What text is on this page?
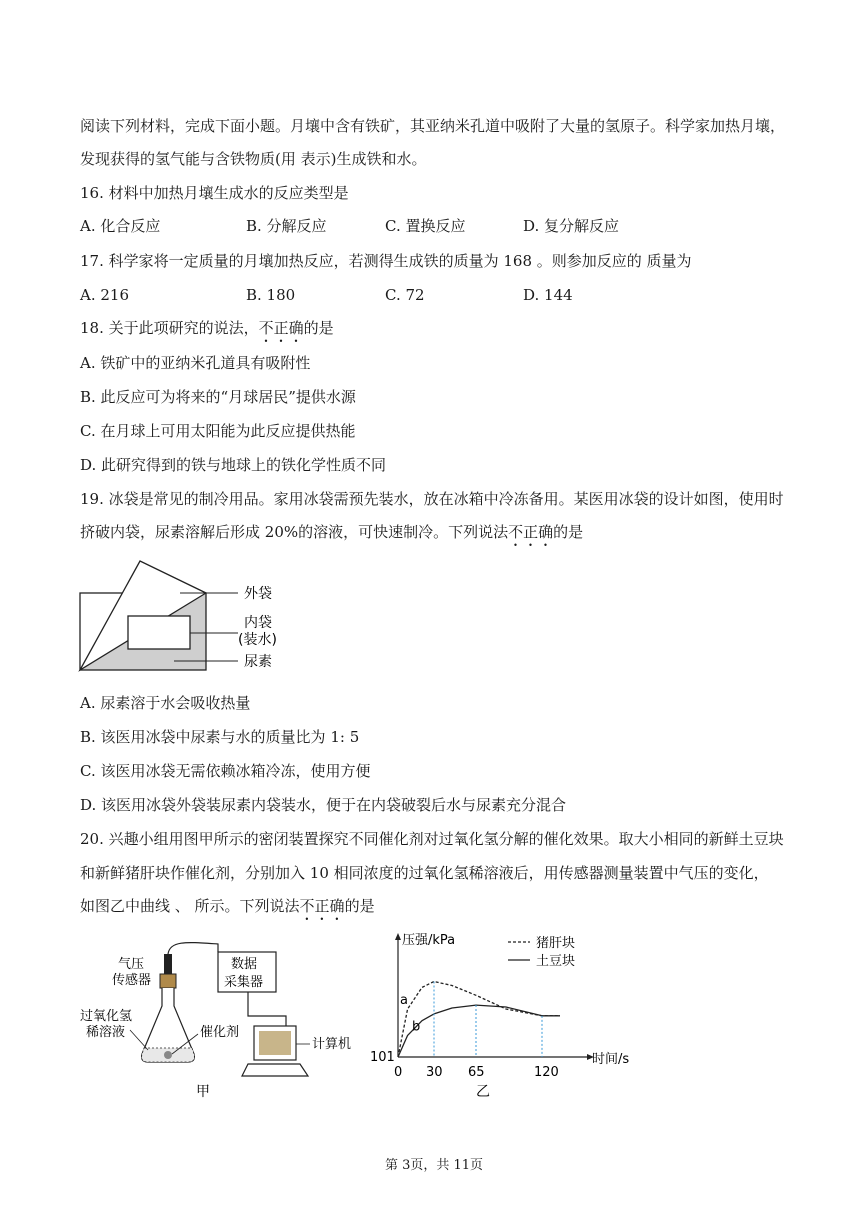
阅读下列材料，完成下面小题。月壤中含有铁矿，其亚纳米孔道中吸附了大量的氢原子。科学家加热月壤，
发现获得的氢气能与含铁物质(用 表示)生成铁和水。
16. 材料中加热月壤生成水的反应类型是
A. 化合反应	B. 分解反应	C. 置换反应	D. 复分解反应
17. 科学家将一定质量的月壤加热反应，若测得生成铁的质量为 168 。则参加反应的 质量为
A. 216	B. 180	C. 72	D. 144
18. 关于此项研究的说法，不正确的是
A. 铁矿中的亚纳米孔道具有吸附性
B. 此反应可为将来的“月球居民”提供水源
C. 在月球上可用太阳能为此反应提供热能
D. 此研究得到的铁与地球上的铁化学性质不同
19. 冰袋是常见的制冷用品。家用冰袋需预先装水，放在冰箱中冷冻备用。某医用冰袋的设计如图，使用时
挤破内袋，尿素溶解后形成 20%的溶液，可快速制冷。下列说法不正确的是
外袋
内袋
(装水)
尿素
A. 尿素溶于水会吸收热量
B. 该医用冰袋中尿素与水的质量比为 1: 5
C. 该医用冰袋无需依赖冰箱冷冻，使用方便
D. 该医用冰袋外袋装尿素内袋装水，便于在内袋破裂后水与尿素充分混合
20. 兴趣小组用图甲所示的密闭装置探究不同催化剂对过氧化氢分解的催化效果。取大小相同的新鲜土豆块
和新鲜猪肝块作催化剂，分别加入 10 相同浓度的过氧化氢稀溶液后，用传感器测量装置中气压的变化，
如图乙中曲线 、 所示。下列说法不正确的是
数据
采集器
气压
传感器
过氧化氢
稀溶液	催化剂
计算机
甲
压强/kPa
时间/s
101
0 30 65	120
a
b
猪肝块
土豆块
乙
第 3页，共 11页
